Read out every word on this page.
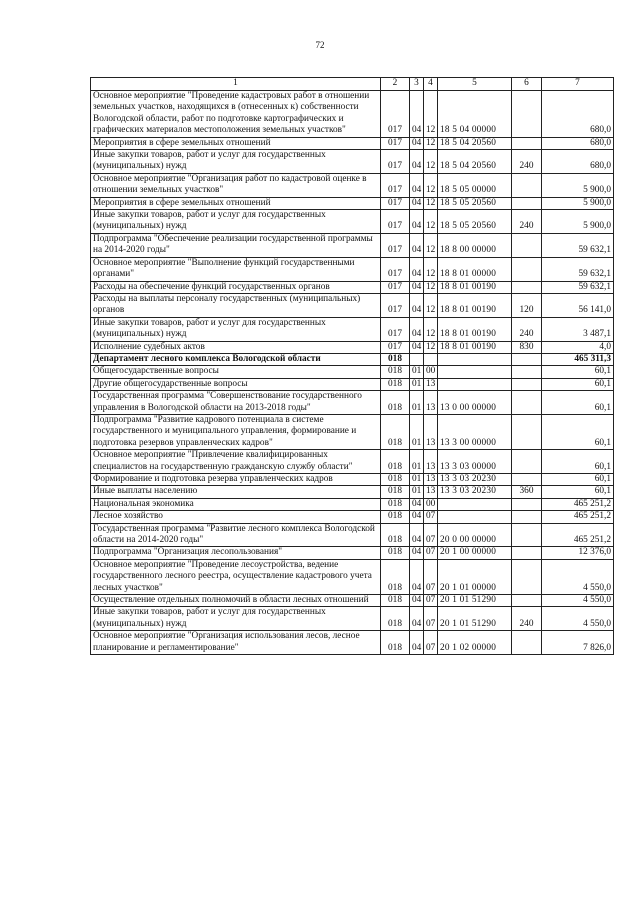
72
1	2	3	4	5	6	7
Основное мероприятие "Проведение кадастровых работ в отношении земельных участков, находящихся в (отнесенных к) собственности Вологодской области, работ по подготовке картографических и графических материалов местоположения земельных участков"	017	04	12	18 5 04 00000		680,0
Мероприятия в сфере земельных отношений	017	04	12	18 5 04 20560		680,0
Иные закупки товаров, работ и услуг для государственных (муниципальных) нужд	017	04	12	18 5 04 20560	240	680,0
Основное мероприятие "Организация работ по кадастровой оценке в отношении земельных участков"	017	04	12	18 5 05 00000		5 900,0
Мероприятия в сфере земельных отношений	017	04	12	18 5 05 20560		5 900,0
Иные закупки товаров, работ и услуг для государственных (муниципальных) нужд	017	04	12	18 5 05 20560	240	5 900,0
Подпрограмма "Обеспечение реализации государственной программы на 2014-2020 годы"	017	04	12	18 8 00 00000		59 632,1
Основное мероприятие "Выполнение функций государственными органами"	017	04	12	18 8 01 00000		59 632,1
Расходы на обеспечение функций государственных органов	017	04	12	18 8 01 00190		59 632,1
Расходы на выплаты персоналу государственных (муниципальных) органов	017	04	12	18 8 01 00190	120	56 141,0
Иные закупки товаров, работ и услуг для государственных (муниципальных) нужд	017	04	12	18 8 01 00190	240	3 487,1
Исполнение судебных актов	017	04	12	18 8 01 00190	830	4,0
Департамент лесного комплекса Вологодской области	018					465 311,3
Общегосударственные вопросы	018	01	00			60,1
Другие общегосударственные вопросы	018	01	13			60,1
Государственная программа "Совершенствование государственного управления в Вологодской области на 2013-2018 годы"	018	01	13	13 0 00 00000		60,1
Подпрограмма "Развитие кадрового потенциала в системе государственного и муниципального управления, формирование и подготовка резервов управленческих кадров"	018	01	13	13 3 00 00000		60,1
Основное мероприятие "Привлечение квалифицированных специалистов на государственную гражданскую службу области"	018	01	13	13 3 03 00000		60,1
Формирование и подготовка резерва управленческих кадров	018	01	13	13 3 03 20230		60,1
Иные выплаты населению	018	01	13	13 3 03 20230	360	60,1
Национальная экономика	018	04	00			465 251,2
Лесное хозяйство	018	04	07			465 251,2
Государственная программа "Развитие лесного комплекса Вологодской области на 2014-2020 годы"	018	04	07	20 0 00 00000		465 251,2
Подпрограмма "Организация лесопользования"	018	04	07	20 1 00 00000		12 376,0
Основное мероприятие "Проведение лесоустройства, ведение государственного лесного реестра, осуществление кадастрового учета лесных участков"	018	04	07	20 1 01 00000		4 550,0
Осуществление отдельных полномочий в области лесных отношений	018	04	07	20 1 01 51290		4 550,0
Иные закупки товаров, работ и услуг для государственных (муниципальных) нужд	018	04	07	20 1 01 51290	240	4 550,0
Основное мероприятие "Организация использования лесов, лесное планирование и регламентирование"	018	04	07	20 1 02 00000		7 826,0
